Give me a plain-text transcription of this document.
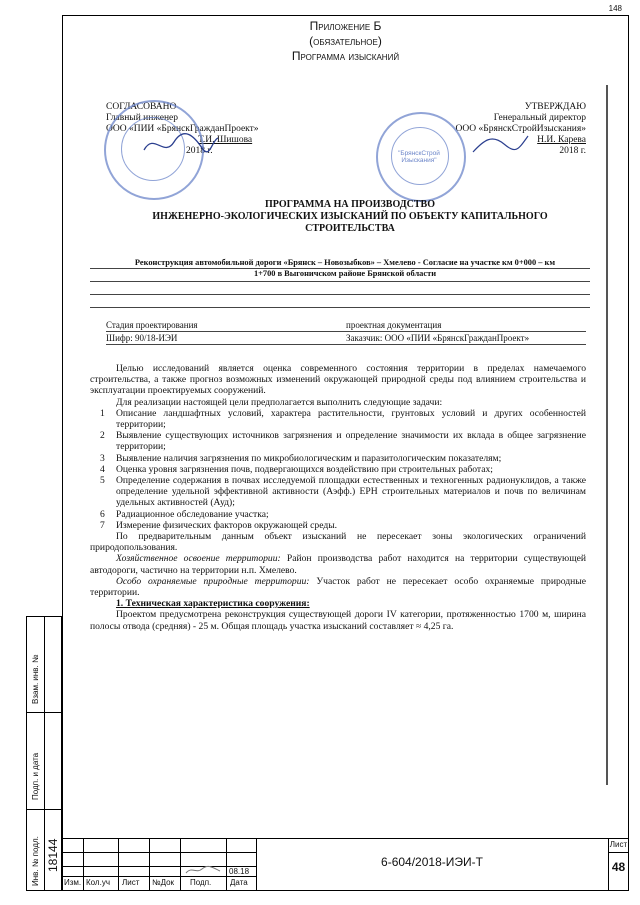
148
Приложение Б
(обязательное)
Программа изысканий
СОГЛАСОВАНО
Главный инженер
ООО «ПИИ «БрянскГражданПроект»
Т.И. Шишова
2018 г.
УТВЕРЖДАЮ
Генеральный директор
ООО «БрянскСтройИзыскания»
Н.И. Карева
2018 г.
"БрянскСтрой Изыскания"
ПРОГРАММА НА ПРОИЗВОДСТВО
ИНЖЕНЕРНО-ЭКОЛОГИЧЕСКИХ ИЗЫСКАНИЙ ПО ОБЪЕКТУ КАПИТАЛЬНОГО
СТРОИТЕЛЬСТВА
Реконструкция автомобильной дороги «Брянск – Новозыбков» – Хмелево - Согласие на участке км 0+000 – км
1+700 в Выгоничском районе Брянской области
Стадия проектирования	проектная документация
Шифр: 90/18-ИЭИ	Заказчик: ООО «ПИИ «БрянскГражданПроект»

Целью исследований является оценка современного состояния территории в пределах намечаемого строительства, а также прогноз возможных изменений окружающей природной среды под влиянием строительства и эксплуатации проектируемых сооружений.

Для реализации настоящей цели предполагается выполнить следующие задачи:

1 Описание ландшафтных условий, характера растительности, грунтовых условий и других особенностей территории;
2 Выявление существующих источников загрязнения и определение значимости их вклада в общее загрязнение территории;
3 Выявление наличия загрязнения по микробиологическим и паразитологическим показателям;
4 Оценка уровня загрязнения почв, подвергающихся воздействию при строительных работах;
5 Определение содержания в почвах исследуемой площадки естественных и техногенных радионуклидов, а также определение удельной эффективной активности (Аэфф.) ЕРН строительных материалов и почв по величинам удельных активностей (Ауд);
6 Радиационное обследование участка;
7 Измерение физических факторов окружающей среды.

По предварительным данным объект изысканий не пересекает зоны экологических ограничений природопользования.

Хозяйственное освоение территории: Район производства работ находится на территории существующей автодороги, частично на территории н.п. Хмелево.

Особо охраняемые природные территории: Участок работ не пересекает особо охраняемые природные территории.

1. Техническая характеристика сооружения:

Проектом предусмотрена реконструкция существующей дороги IV категории, протяженностью 1700 м, ширина полосы отвода (средняя) - 25 м. Общая площадь участка изысканий составляет ≈ 4,25 га.

Взам. инв. №
Подп. и дата
Инв. № подл. 18144
Изм. Кол.уч Лист №Док Подп. Дата
08.18
6-604/2018-ИЭИ-Т
Лист
48
